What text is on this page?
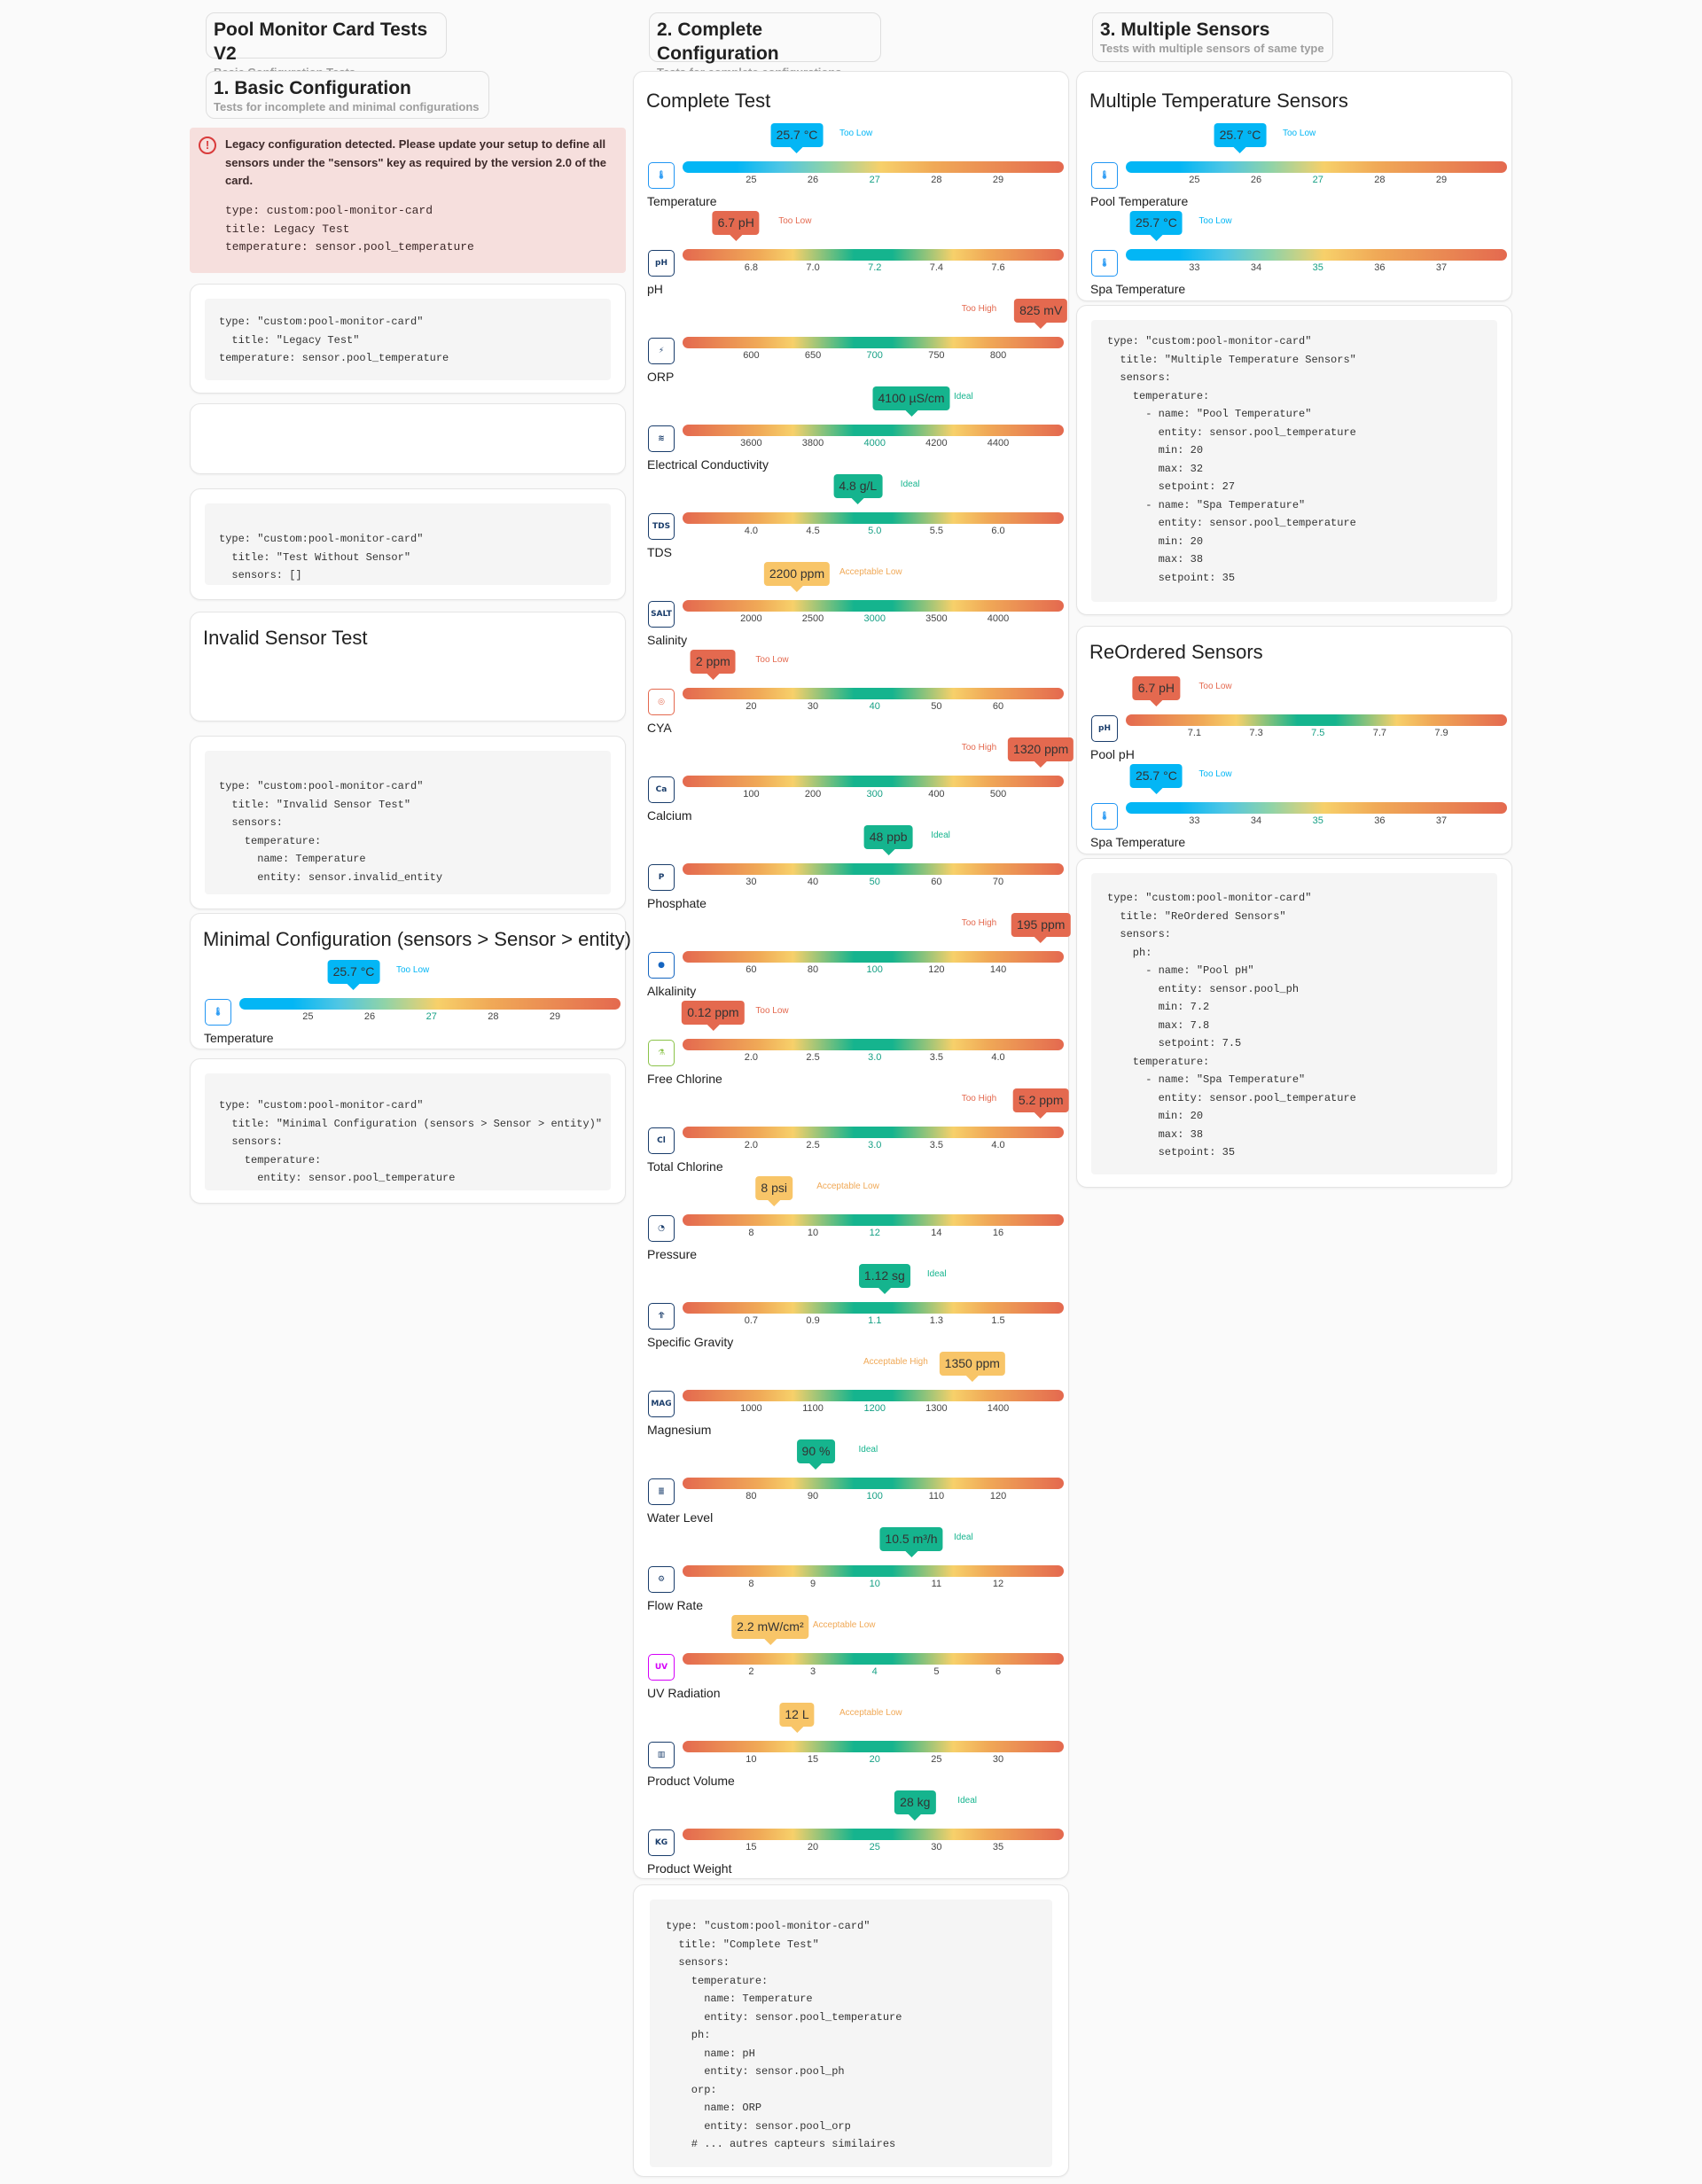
Pool Monitor Card Tests V2
1. Basic Configuration
Tests for incomplete and minimal configurations
2. Complete Configuration
3. Multiple Sensors
Tests with multiple sensors of same type
!	Legacy configuration detected. Please update your setup to define all sensors under the "sensors" key as required by the version 2.0 of the card.
type: custom:pool-monitor-card
title: Legacy Test
temperature: sensor.pool_temperature
type: "custom:pool-monitor-card"
title: "Legacy Test"
temperature: sensor.pool_temperature
type: "custom:pool-monitor-card"
title: "Test Without Sensor"
sensors: []
Invalid Sensor Test
type: "custom:pool-monitor-card"
title: "Invalid Sensor Test"
sensors:
temperature:
name: Temperature
entity: sensor.invalid_entity
Minimal Configuration (sensors > Sensor > entity)
🌡	25	26	27	28	29
Temperature
25.7 °C	Too Low
type: "custom:pool-monitor-card"
title: "Minimal Configuration (sensors > Sensor > entity)"
sensors:
temperature:
entity: sensor.pool_temperature
Complete Test
🌡	25	26	27	28	29
Temperature
25.7 °C	Too Low
pH	6.8	7.0	7.2	7.4	7.6
pH
6.7 pH	Too Low
⚡	600	650	700	750	800
ORP
825 mV
Too High
≋	3600	3800	4000	4200	4400
Electrical Conductivity
4100 µS/cm	Ideal
TDS	4.0	4.5	5.0	5.5	6.0
TDS
4.8 g/L	Ideal
SALT	2000	2500	3000	3500	4000
Salinity
2200 ppm	Acceptable Low
◎	20	30	40	50	60
CYA
2 ppm	Too Low
Ca	100	200	300	400	500
Calcium
1320 ppm
Too High
P	30	40	50	60	70
Phosphate
48 ppb	Ideal
●	60	80	100	120	140
Alkalinity
195 ppm
Too High
⚗	2.0	2.5	3.0	3.5	4.0
Free Chlorine
0.12 ppm	Too Low
Cl	2.0	2.5	3.0	3.5	4.0
Total Chlorine
5.2 ppm
Too High
◔	8	10	12	14	16
Pressure
8 psi	Acceptable Low
⥣	0.7	0.9	1.1	1.3	1.5
Specific Gravity
1.12 sg	Ideal
MAG	1000	1100	1200	1300	1400
Magnesium
1350 ppm
Acceptable High
≣	80	90	100	110	120
Water Level
90 %	Ideal
⚙	8	9	10	11	12
Flow Rate
10.5 m³/h	Ideal
UV	2	3	4	5	6
UV Radiation
2.2 mW/cm²	Acceptable Low
▥	10	15	20	25	30
Product Volume
12 L	Acceptable Low
KG	15	20	25	30	35
Product Weight
28 kg	Ideal
type: "custom:pool-monitor-card"
title: "Complete Test"
sensors:
temperature:
name: Temperature
entity: sensor.pool_temperature
ph:
name: pH
entity: sensor.pool_ph
orp:
name: ORP
entity: sensor.pool_orp
# ... autres capteurs similaires
Multiple Temperature Sensors
🌡	25	26	27	28	29
Pool Temperature
25.7 °C	Too Low
🌡	33	34	35	36	37
Spa Temperature
25.7 °C	Too Low
type: "custom:pool-monitor-card"
title: "Multiple Temperature Sensors"
sensors:
temperature:
- name: "Pool Temperature"
entity: sensor.pool_temperature
min: 20
max: 32
setpoint: 27
- name: "Spa Temperature"
entity: sensor.pool_temperature
min: 20
max: 38
setpoint: 35
ReOrdered Sensors
pH	7.1	7.3	7.5	7.7	7.9
Pool pH
6.7 pH	Too Low
🌡	33	34	35	36	37
Spa Temperature
25.7 °C	Too Low
type: "custom:pool-monitor-card"
title: "ReOrdered Sensors"
sensors:
ph:
- name: "Pool pH"
entity: sensor.pool_ph
min: 7.2
max: 7.8
setpoint: 7.5
temperature:
- name: "Spa Temperature"
entity: sensor.pool_temperature
min: 20
max: 38
setpoint: 35
